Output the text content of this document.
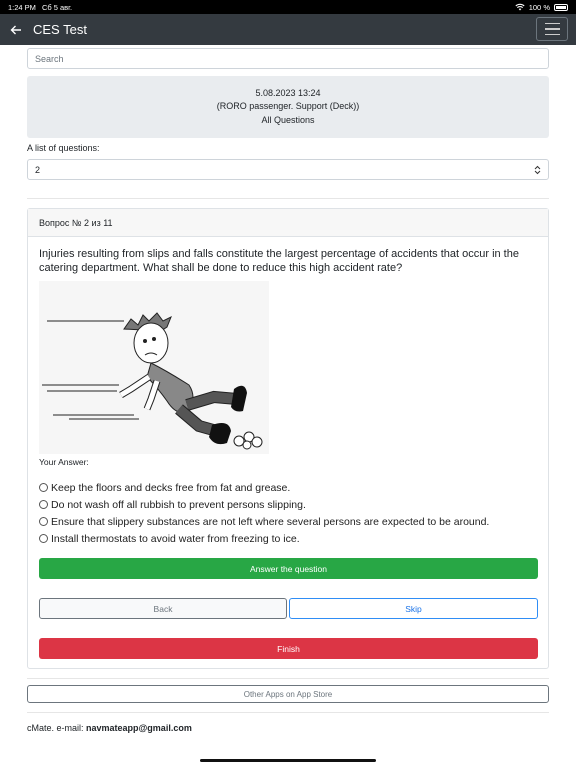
1:24 PM Сб 5 авг.	100 %
CES Test
Search
5.08.2023 13:24
(RORO passenger. Support (Deck))
All Questions
A list of questions:
2
Вопрос № 2 из 11
Injuries resulting from slips and falls constitute the largest percentage of accidents that occur in the catering department. What shall be done to reduce this high accident rate?
Your Answer:
Keep the floors and decks free from fat and grease.
Do not wash off all rubbish to prevent persons slipping.
Ensure that slippery substances are not left where several persons are expected to be around.
Install thermostats to avoid water from freezing to ice.
Answer the question
Back	Skip
Finish
Other Apps on App Store
cMate. e-mail: navmateapp@gmail.com
